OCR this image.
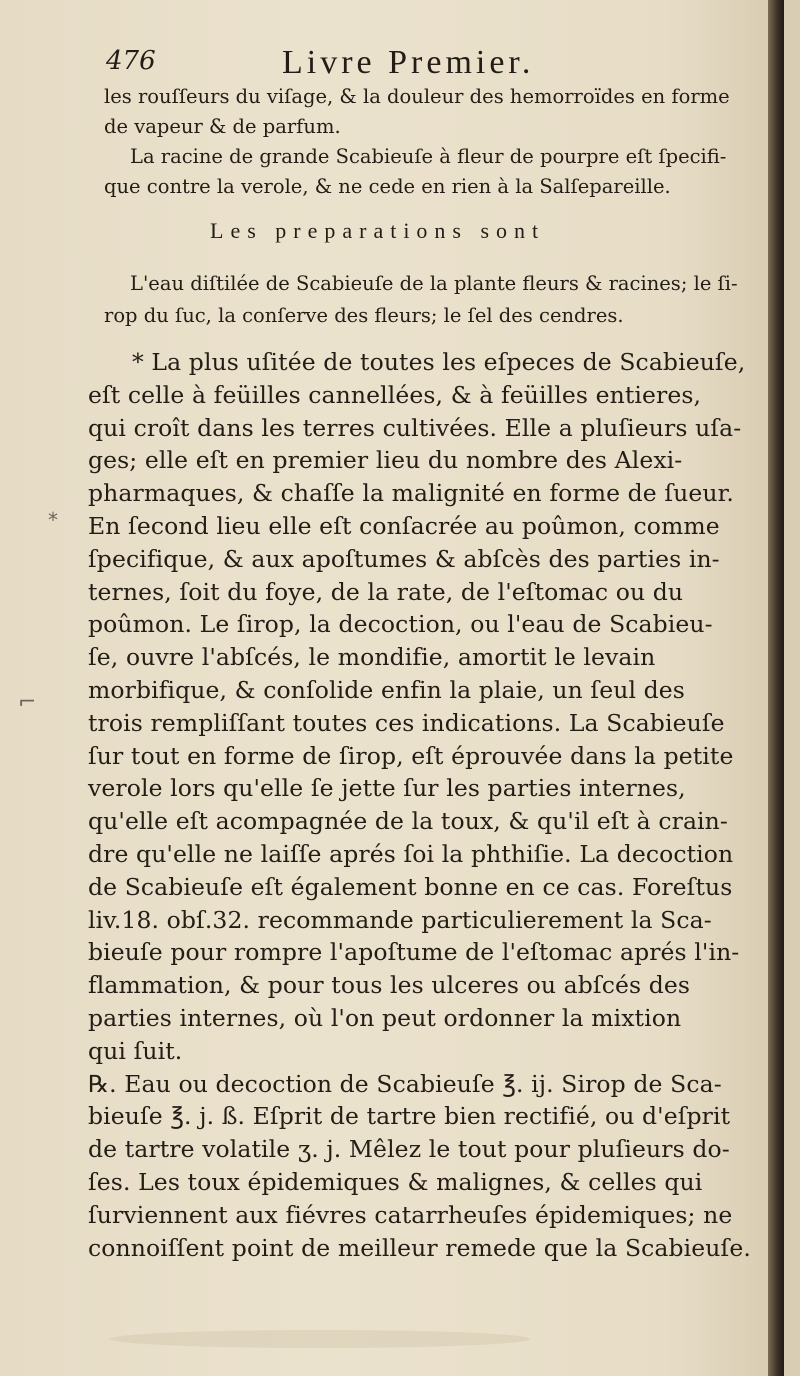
476	Livre Premier.
les rouſſeurs du viſage, & la douleur des hemorroïdes en forme
de vapeur & de parfum.
La racine de grande Scabieuſe à fleur de pourpre eſt ſpecifi-
que contre la verole, & ne cede en rien à la Salſepareille.
Les preparations sont
L'eau diſtilée de Scabieuſe de la plante fleurs & racines; le ſi-
rop du ſuc, la conſerve des fleurs; le ſel des cendres.
*
⌐
* La plus uſitée de toutes les eſpeces de Scabieuſe,
eſt celle à feüilles cannellées, & à feüilles entieres,
qui croît dans les terres cultivées. Elle a pluſieurs uſa-
ges; elle eſt en premier lieu du nombre des Alexi-
pharmaques, & chaſſe la malignité en forme de ſueur.
En ſecond lieu elle eſt conſacrée au poûmon, comme
ſpecifique, & aux apoſtumes & abſcès des parties in-
ternes, ſoit du foye, de la rate, de l'eſtomac ou du
poûmon. Le ſirop, la decoction, ou l'eau de Scabieu-
ſe, ouvre l'abſcés, le mondifie, amortit le levain
morbifique, & conſolide enfin la plaie, un ſeul des
trois rempliſſant toutes ces indications. La Scabieuſe
ſur tout en forme de ſirop, eſt éprouvée dans la petite
verole lors qu'elle ſe jette ſur les parties internes,
qu'elle eſt acompagnée de la toux, & qu'il eſt à crain-
dre qu'elle ne laiſſe aprés ſoi la phthiſie. La decoction
de Scabieuſe eſt également bonne en ce cas. Foreſtus
liv.18. obſ.32. recommande particulierement la Sca-
bieuſe pour rompre l'apoſtume de l'eſtomac aprés l'in-
flammation, & pour tous les ulceres ou abſcés des
parties internes, où l'on peut ordonner la mixtion
qui ſuit.
℞. Eau ou decoction de Scabieuſe ℥. ij. Sirop de Sca-
bieuſe ℥. j. ß. Eſprit de tartre bien rectifié, ou d'eſprit
de tartre volatile ʒ. j. Mêlez le tout pour pluſieurs do-
ſes. Les toux épidemiques & malignes, & celles qui
ſurviennent aux fiévres catarrheuſes épidemiques; ne
connoiſſent point de meilleur remede que la Scabieuſe.
